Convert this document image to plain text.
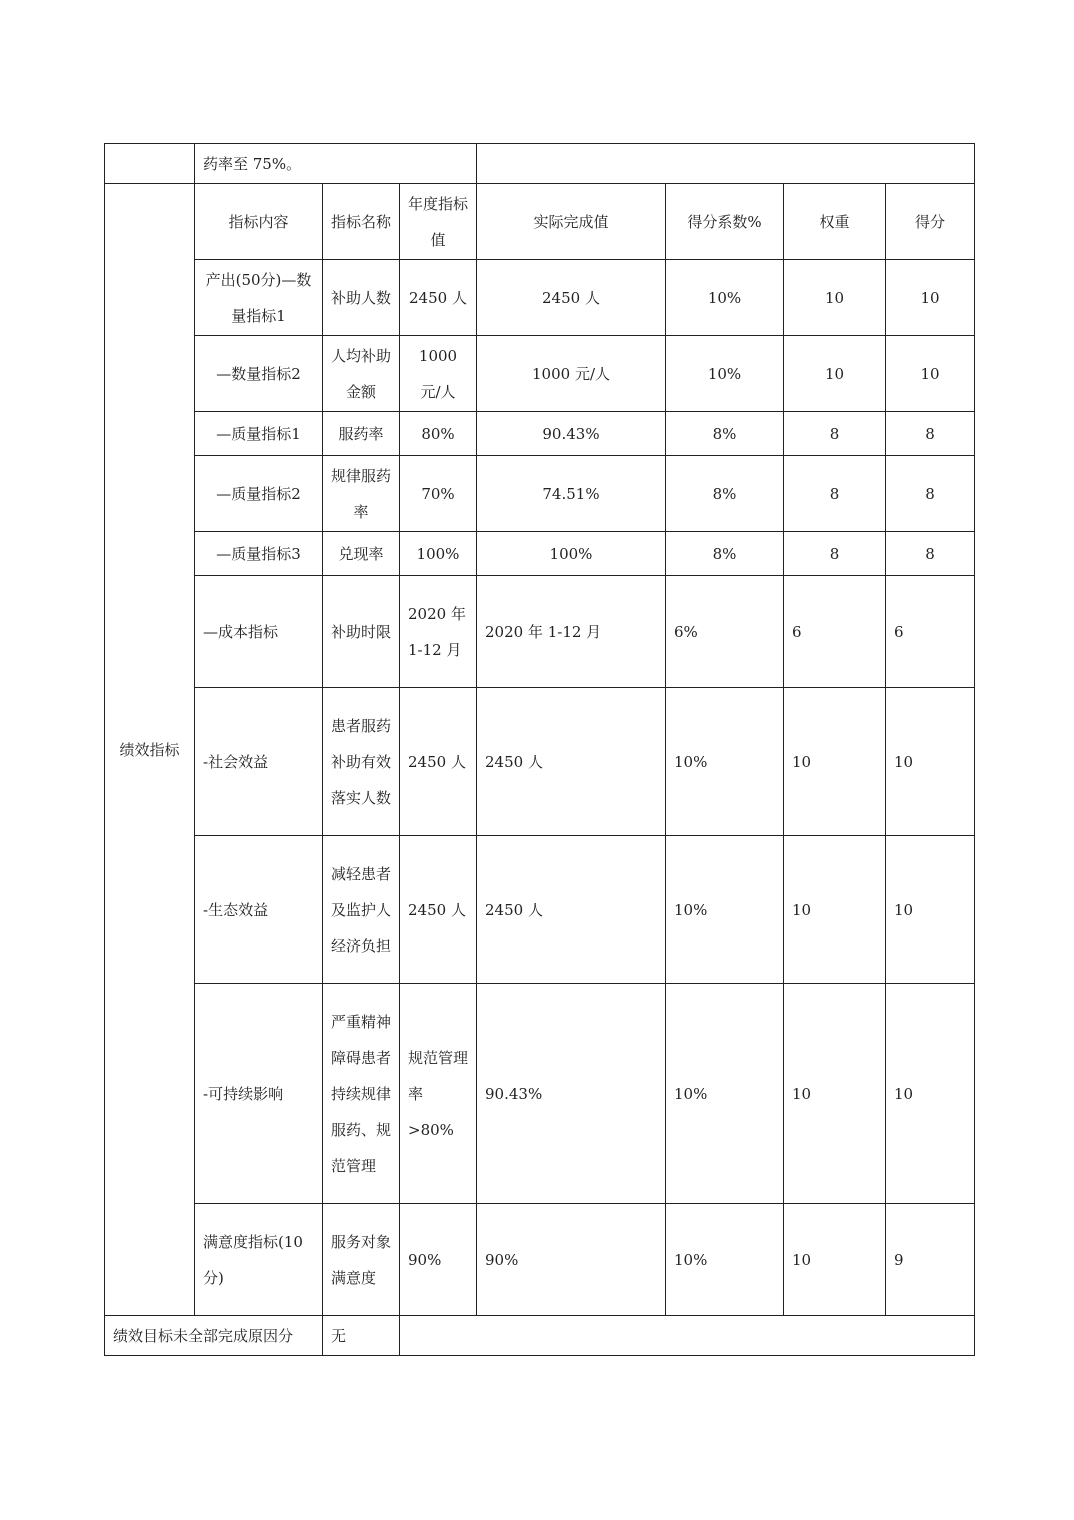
	药率至 75%。						
绩效指标	指标内容	指标名称	年度指标值	实际完成值	得分系数%	权重	得分
	产出(50分)—数量指标1	补助人数	2450 人	2450 人	10%	10	10
	—数量指标2	人均补助金额	1000 元/人	1000 元/人	10%	10	10
	—质量指标1	服药率	80%	90.43%	8%	8	8
	—质量指标2	规律服药率	70%	74.51%	8%	8	8
	—质量指标3	兑现率	100%	100%	8%	8	8
	—成本指标	补助时限	2020 年 1-12 月	2020 年 1-12 月	6%	6	6
	-社会效益	患者服药补助有效落实人数	2450 人	2450 人	10%	10	10
	-生态效益	减轻患者及监护人经济负担	2450 人	2450 人	10%	10	10
	-可持续影响	严重精神障碍患者持续规律服药、规范管理	规范管理率>80%	90.43%	10%	10	10
	满意度指标(10分)	服务对象满意度	90%	90%	10%	10	9
绩效目标未全部完成原因分		无					
